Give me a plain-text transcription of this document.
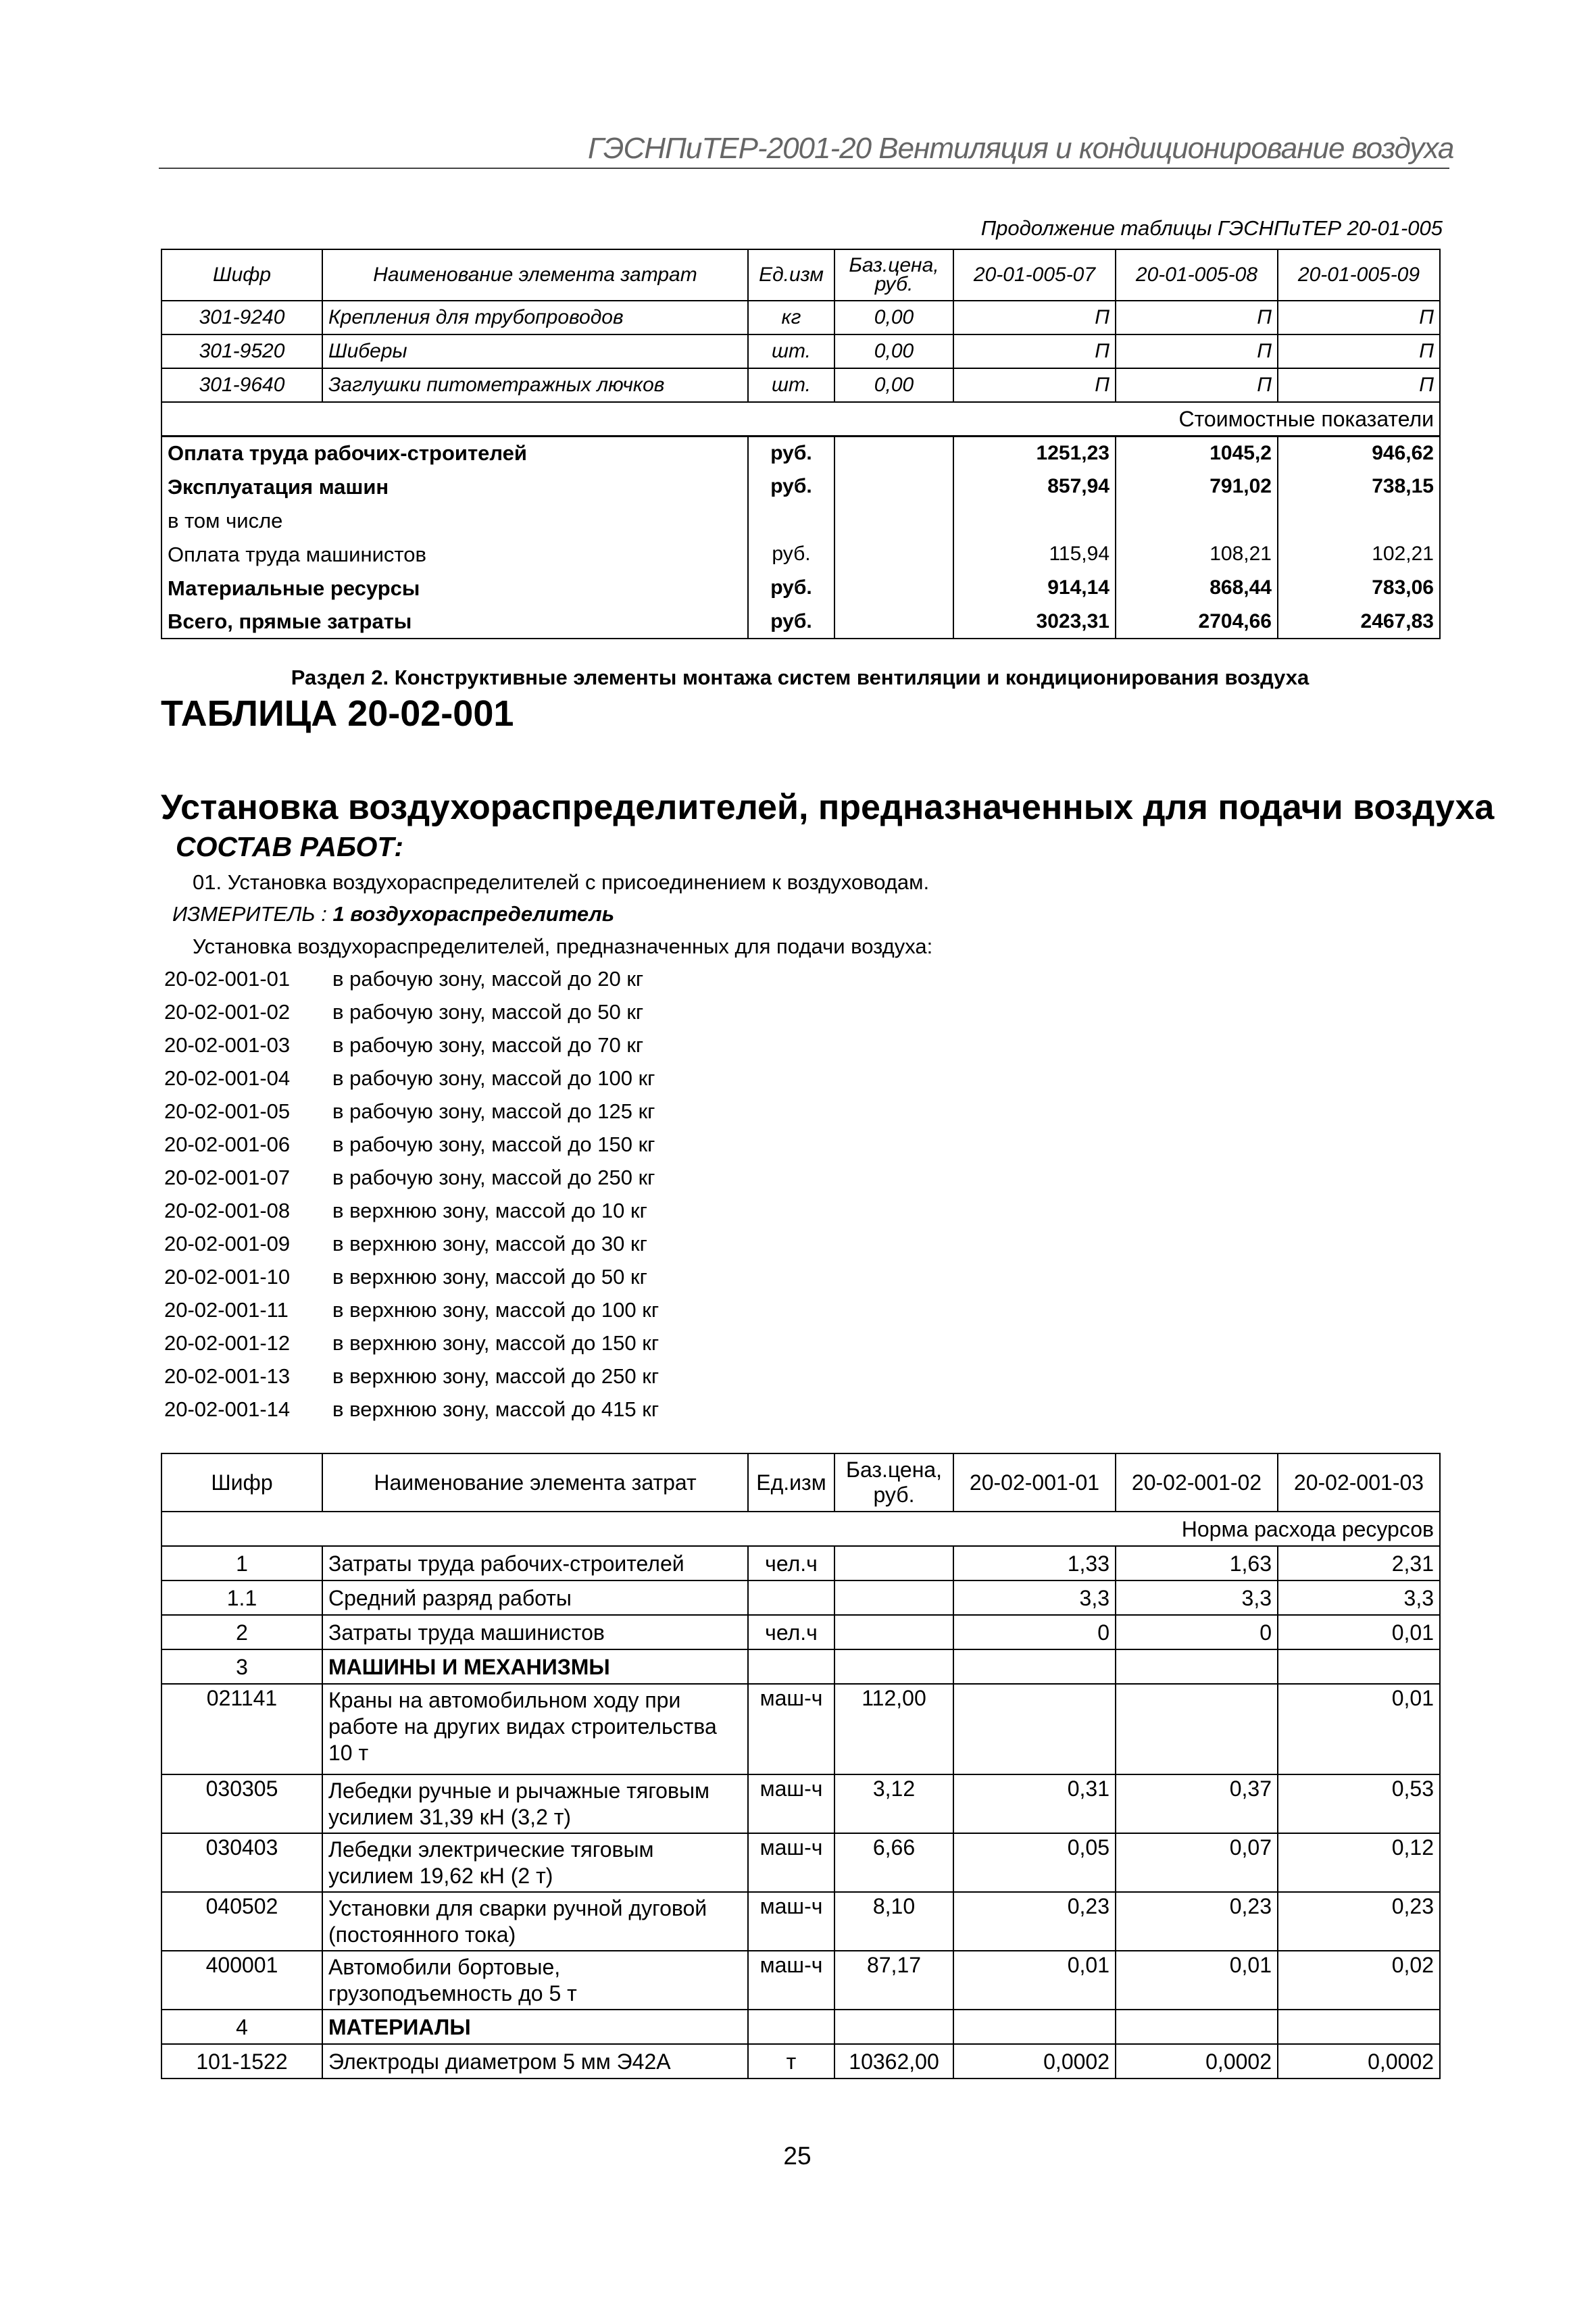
ГЭСНПиТЕР-2001-20 Вентиляция и кондиционирование воздуха
Продолжение таблицы ГЭСНПиТЕР 20-01-005
Шифр	Наименование элемента затрат	Ед.изм	Баз.цена, руб.	20-01-005-07	20-01-005-08	20-01-005-09
301-9240	Крепления для трубопроводов	кг	0,00	П	П	П
301-9520	Шиберы	шт.	0,00	П	П	П
301-9640	Заглушки питометражных лючков	шт.	0,00	П	П	П
Стоимостные показатели						
Оплата труда рабочих-строителей		руб.		1251,23	1045,2	946,62
Эксплуатация машин		руб.		857,94	791,02	738,15
в том числе						
Оплата труда машинистов		руб.		115,94	108,21	102,21
Материальные ресурсы		руб.		914,14	868,44	783,06
Всего, прямые затраты		руб.		3023,31	2704,66	2467,83
Раздел 2. Конструктивные элементы монтажа систем вентиляции и кондиционирования воздуха
ТАБЛИЦА 20-02-001
Установка воздухораспределителей, предназначенных для подачи воздуха
СОСТАВ РАБОТ:
01. Установка воздухораспределителей с присоединением к воздуховодам.
ИЗМЕРИТЕЛЬ : 1 воздухораспределитель
Установка воздухораспределителей, предназначенных для подачи воздуха:
20-02-001-01 в рабочую зону, массой до 20 кг
20-02-001-02 в рабочую зону, массой до 50 кг
20-02-001-03 в рабочую зону, массой до 70 кг
20-02-001-04 в рабочую зону, массой до 100 кг
20-02-001-05 в рабочую зону, массой до 125 кг
20-02-001-06 в рабочую зону, массой до 150 кг
20-02-001-07 в рабочую зону, массой до 250 кг
20-02-001-08 в верхнюю зону, массой до 10 кг
20-02-001-09 в верхнюю зону, массой до 30 кг
20-02-001-10 в верхнюю зону, массой до 50 кг
20-02-001-11 в верхнюю зону, массой до 100 кг
20-02-001-12 в верхнюю зону, массой до 150 кг
20-02-001-13 в верхнюю зону, массой до 250 кг
20-02-001-14 в верхнюю зону, массой до 415 кг
Шифр	Наименование элемента затрат	Ед.изм	Баз.цена, руб.	20-02-001-01	20-02-001-02	20-02-001-03
Норма расхода ресурсов						
1	Затраты труда рабочих-строителей	чел.ч		1,33	1,63	2,31
1.1	Средний разряд работы			3,3	3,3	3,3
2	Затраты труда машинистов	чел.ч		0	0	0,01
3	МАШИНЫ И МЕХАНИЗМЫ					
021141	Краны на автомобильном ходу при работе на других видах строительства 10 т	маш-ч	112,00			0,01
030305	Лебедки ручные и рычажные тяговым усилием 31,39 кН (3,2 т)	маш-ч	3,12	0,31	0,37	0,53
030403	Лебедки электрические тяговым усилием 19,62 кН (2 т)	маш-ч	6,66	0,05	0,07	0,12
040502	Установки для сварки ручной дуговой (постоянного тока)	маш-ч	8,10	0,23	0,23	0,23
400001	Автомобили бортовые, грузоподъемность до 5 т	маш-ч	87,17	0,01	0,01	0,02
4	МАТЕРИАЛЫ					
101-1522	Электроды диаметром 5 мм Э42А	т	10362,00	0,0002	0,0002	0,0002
25
